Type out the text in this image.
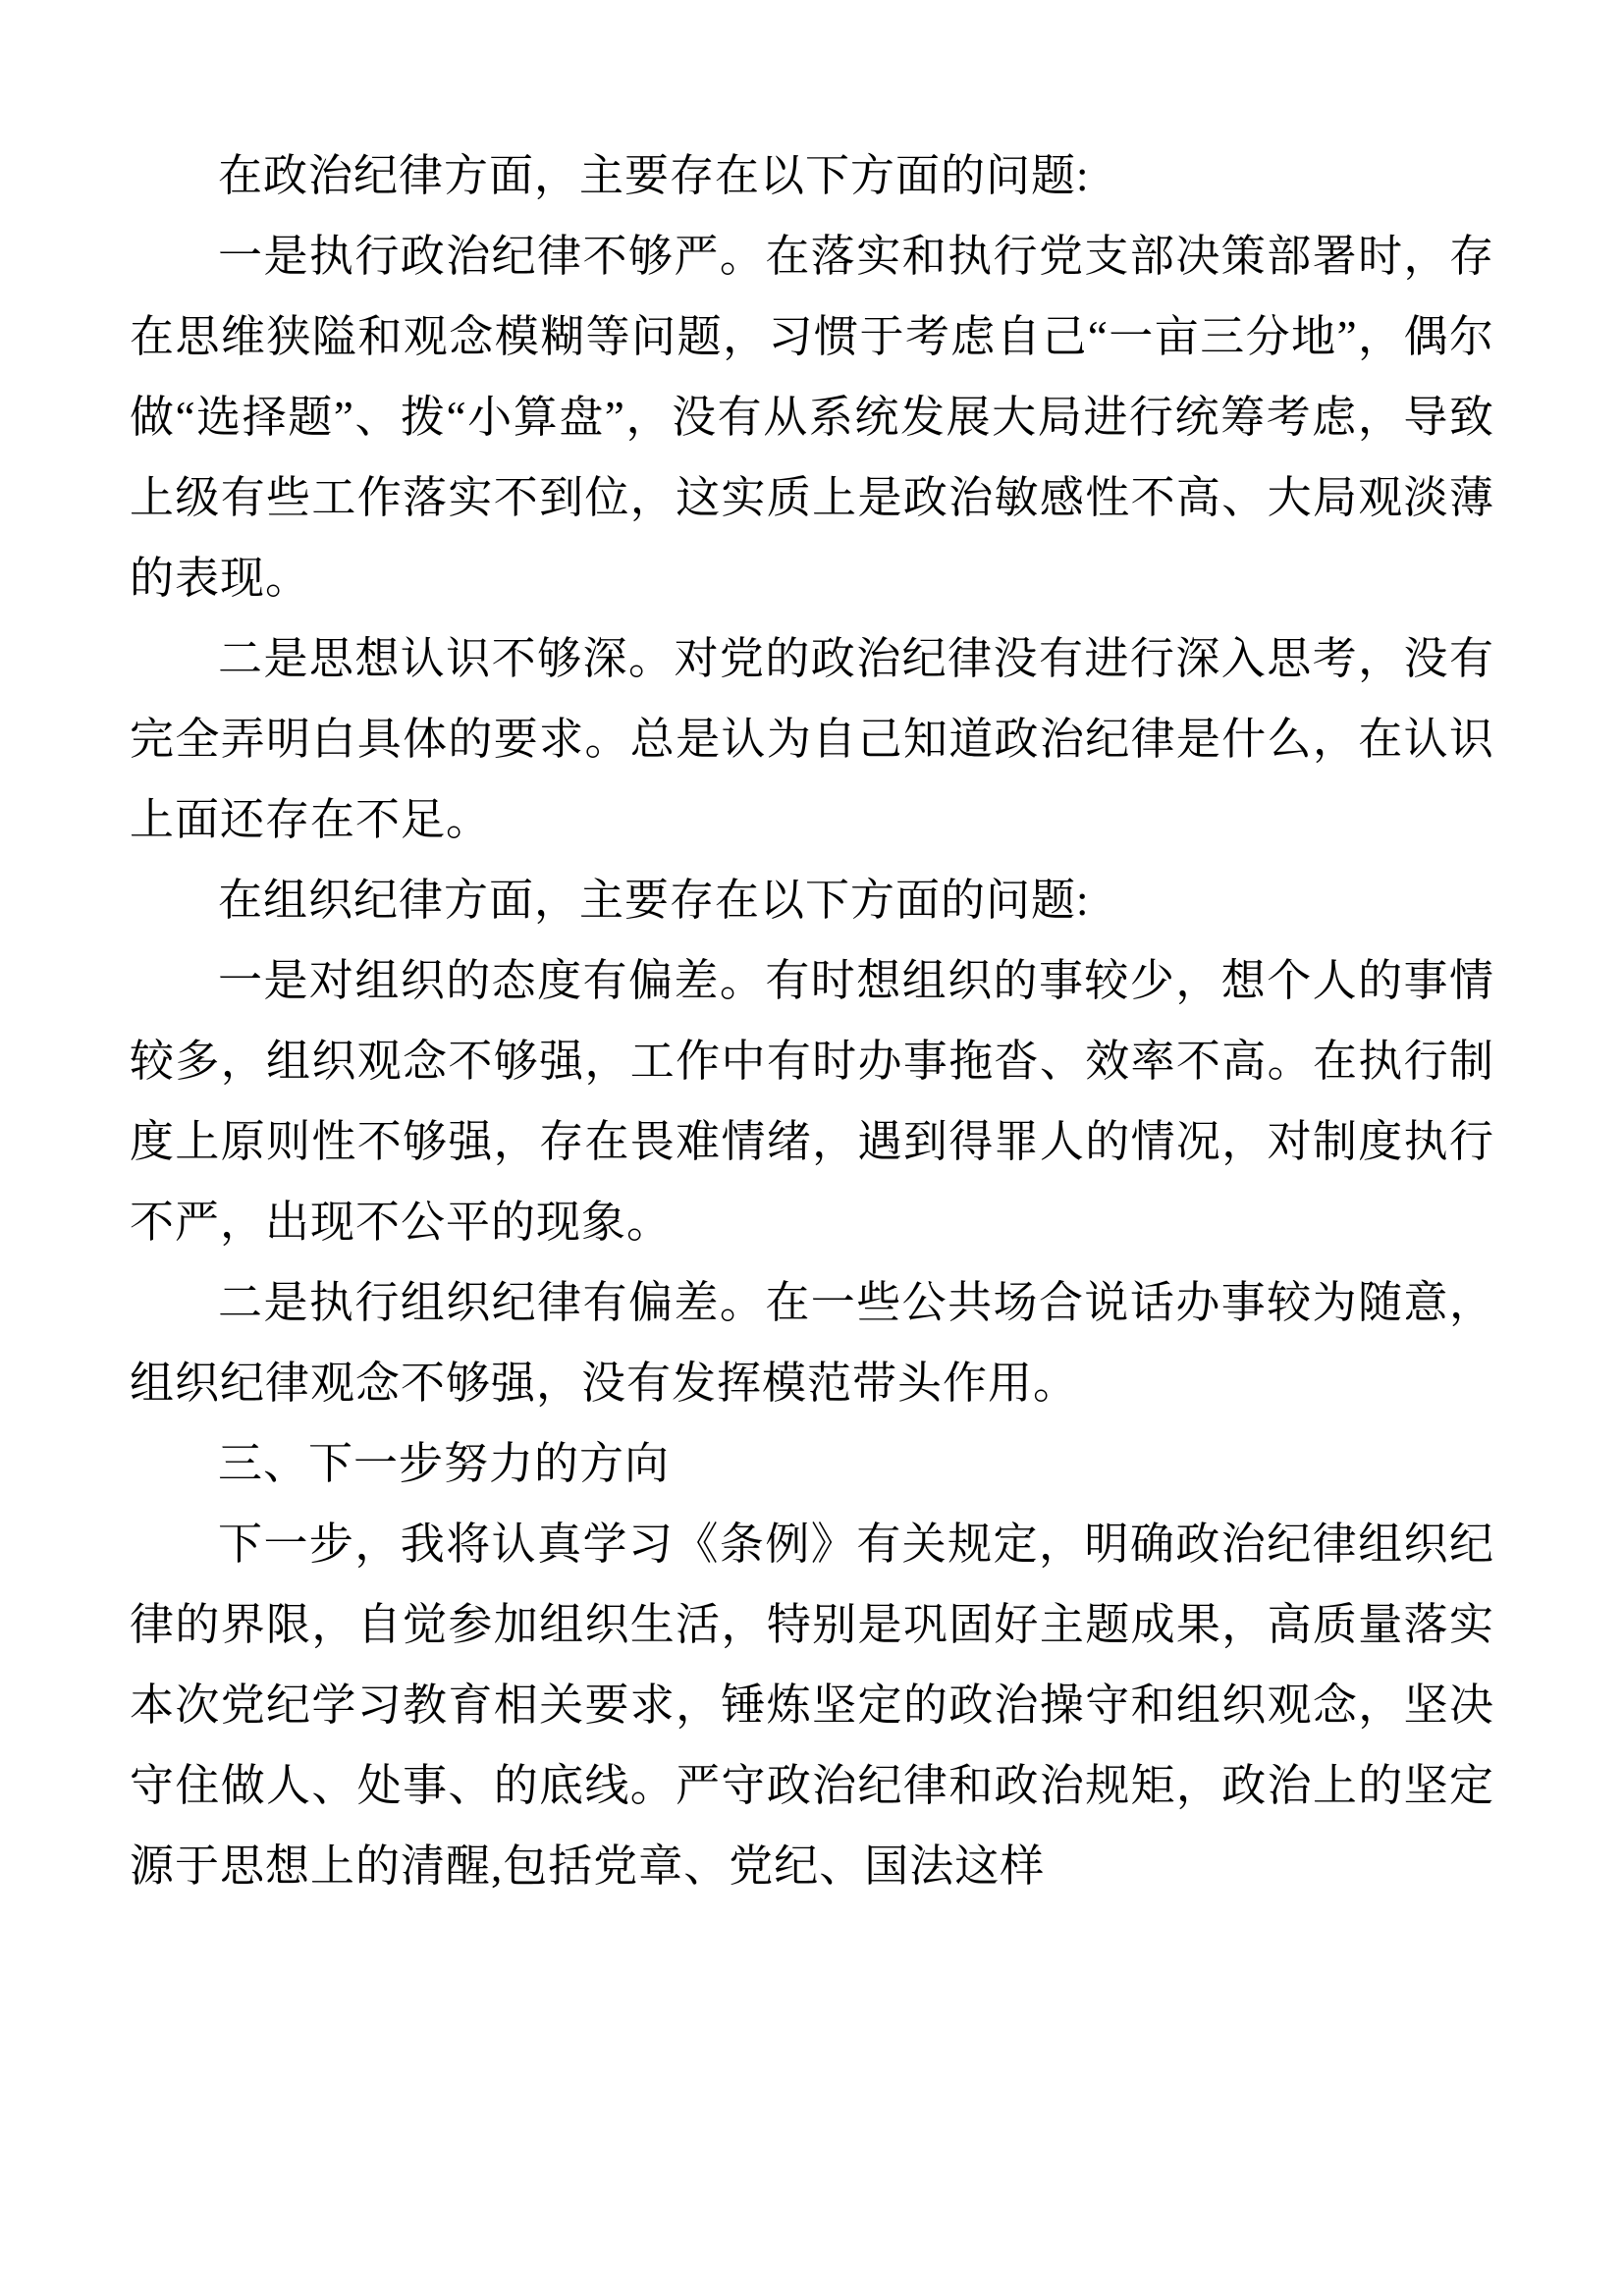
在政治纪律方面，主要存在以下方面的问题:

一是执行政治纪律不够严。在落实和执行党支部决策部署时，存在思维狭隘和观念模糊等问题，习惯于考虑自己“一亩三分地”，偶尔做“选择题”、拨“小算盘”，没有从系统发展大局进行统筹考虑，导致上级有些工作落实不到位，这实质上是政治敏感性不高、大局观淡薄的表现。

二是思想认识不够深。对党的政治纪律没有进行深入思考，没有完全弄明白具体的要求。总是认为自己知道政治纪律是什么，在认识上面还存在不足。

在组织纪律方面，主要存在以下方面的问题:

一是对组织的态度有偏差。有时想组织的事较少，想个人的事情较多，组织观念不够强，工作中有时办事拖沓、效率不高。在执行制度上原则性不够强，存在畏难情绪，遇到得罪人的情况，对制度执行不严，出现不公平的现象。

二是执行组织纪律有偏差。在一些公共场合说话办事较为随意，组织纪律观念不够强，没有发挥模范带头作用。

三、下一步努力的方向

下一步，我将认真学习《条例》有关规定，明确政治纪律组织纪律的界限，自觉参加组织生活，特别是巩固好主题成果，高质量落实本次党纪学习教育相关要求，锤炼坚定的政治操守和组织观念，坚决守住做人、处事、的底线。严守政治纪律和政治规矩，政治上的坚定源于思想上的清醒,包括党章、党纪、国法这样
